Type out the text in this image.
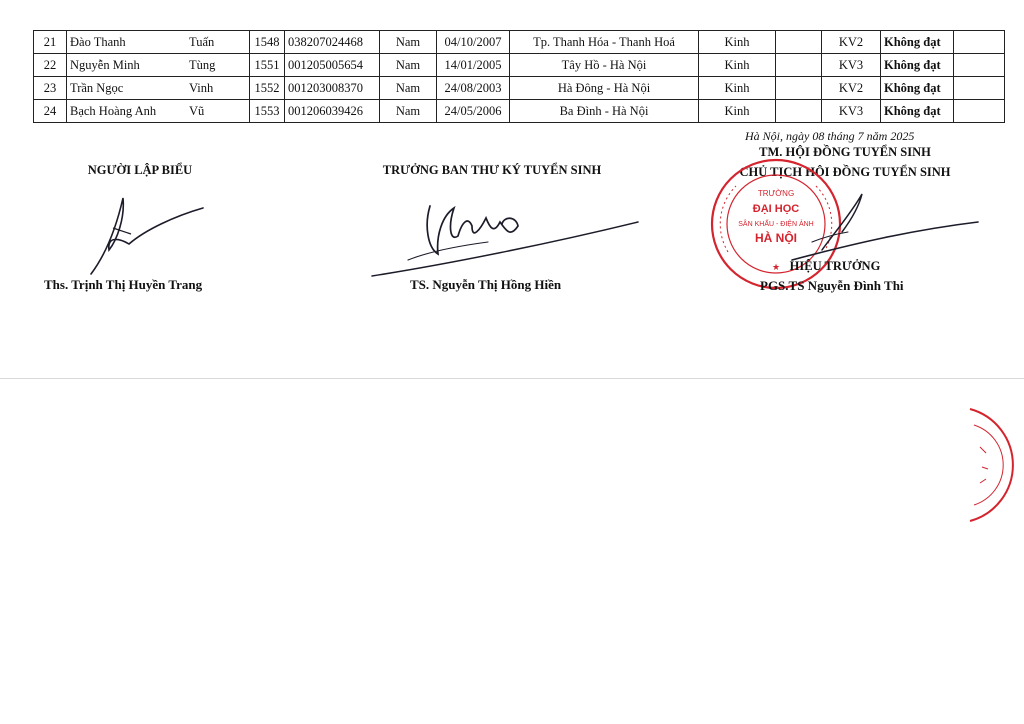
21	Đào Thanh	Tuấn	1548	038207024468	Nam	04/10/2007	Tp. Thanh Hóa - Thanh Hoá	Kinh		KV2	Không đạt	
22	Nguyễn Minh	Tùng	1551	001205005654	Nam	14/01/2005	Tây Hồ - Hà Nội	Kinh		KV3	Không đạt	
23	Trần Ngọc	Vinh	1552	001203008370	Nam	24/08/2003	Hà Đông - Hà Nội	Kinh		KV2	Không đạt	
24	Bạch Hoàng Anh	Vũ	1553	001206039426	Nam	24/05/2006	Ba Đình - Hà Nội	Kinh		KV3	Không đạt	
Hà Nội, ngày 08 tháng 7 năm 2025
NGƯỜI LẬP BIỂU
Ths. Trịnh Thị Huyền Trang
TRƯỞNG BAN THƯ KÝ TUYỂN SINH
TS. Nguyễn Thị Hồng Hiền
TM. HỘI ĐỒNG TUYỂN SINH
CHỦ TỊCH HỘI ĐỒNG TUYỂN SINH
TRƯỜNG
ĐẠI HỌC
SÂN KHẤU - ĐIỆN ẢNH
HÀ NỘI
★ HIỆU TRƯỞNG
PGS.TS Nguyễn Đình Thi
